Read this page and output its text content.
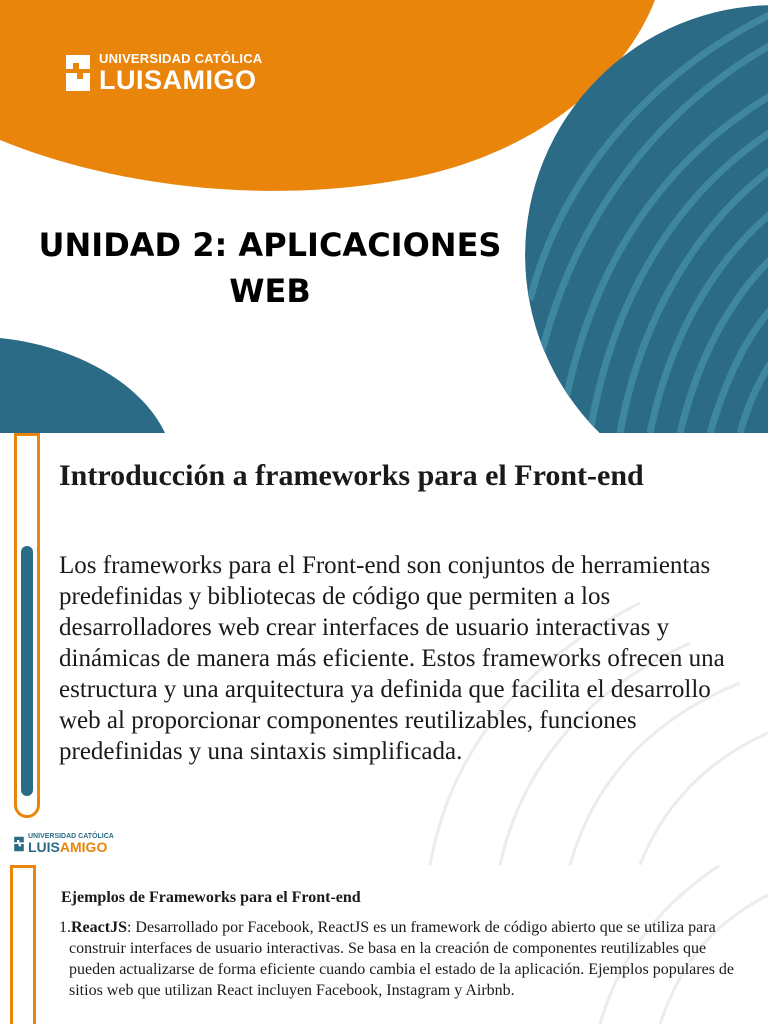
UNIVERSIDAD CATÓLICA
LUISAMIGO
UNIDAD 2: APLICACIONES
WEB
Introducción a frameworks para el Front-end
Los frameworks para el Front-end son conjuntos de herramientas predefinidas y bibliotecas de código que permiten a los desarrolladores web crear interfaces de usuario interactivas y dinámicas de manera más eficiente. Estos frameworks ofrecen una estructura y una arquitectura ya definida que facilita el desarrollo web al proporcionar componentes reutilizables, funciones predefinidas y una sintaxis simplificada.
UNIVERSIDAD CATÓLICA
LUISAMIGO
Ejemplos de Frameworks para el Front-end
1.ReactJS: Desarrollado por Facebook, ReactJS es un framework de código abierto que se utiliza para construir interfaces de usuario interactivas. Se basa en la creación de componentes reutilizables que pueden actualizarse de forma eficiente cuando cambia el estado de la aplicación. Ejemplos populares de sitios web que utilizan React incluyen Facebook, Instagram y Airbnb.
